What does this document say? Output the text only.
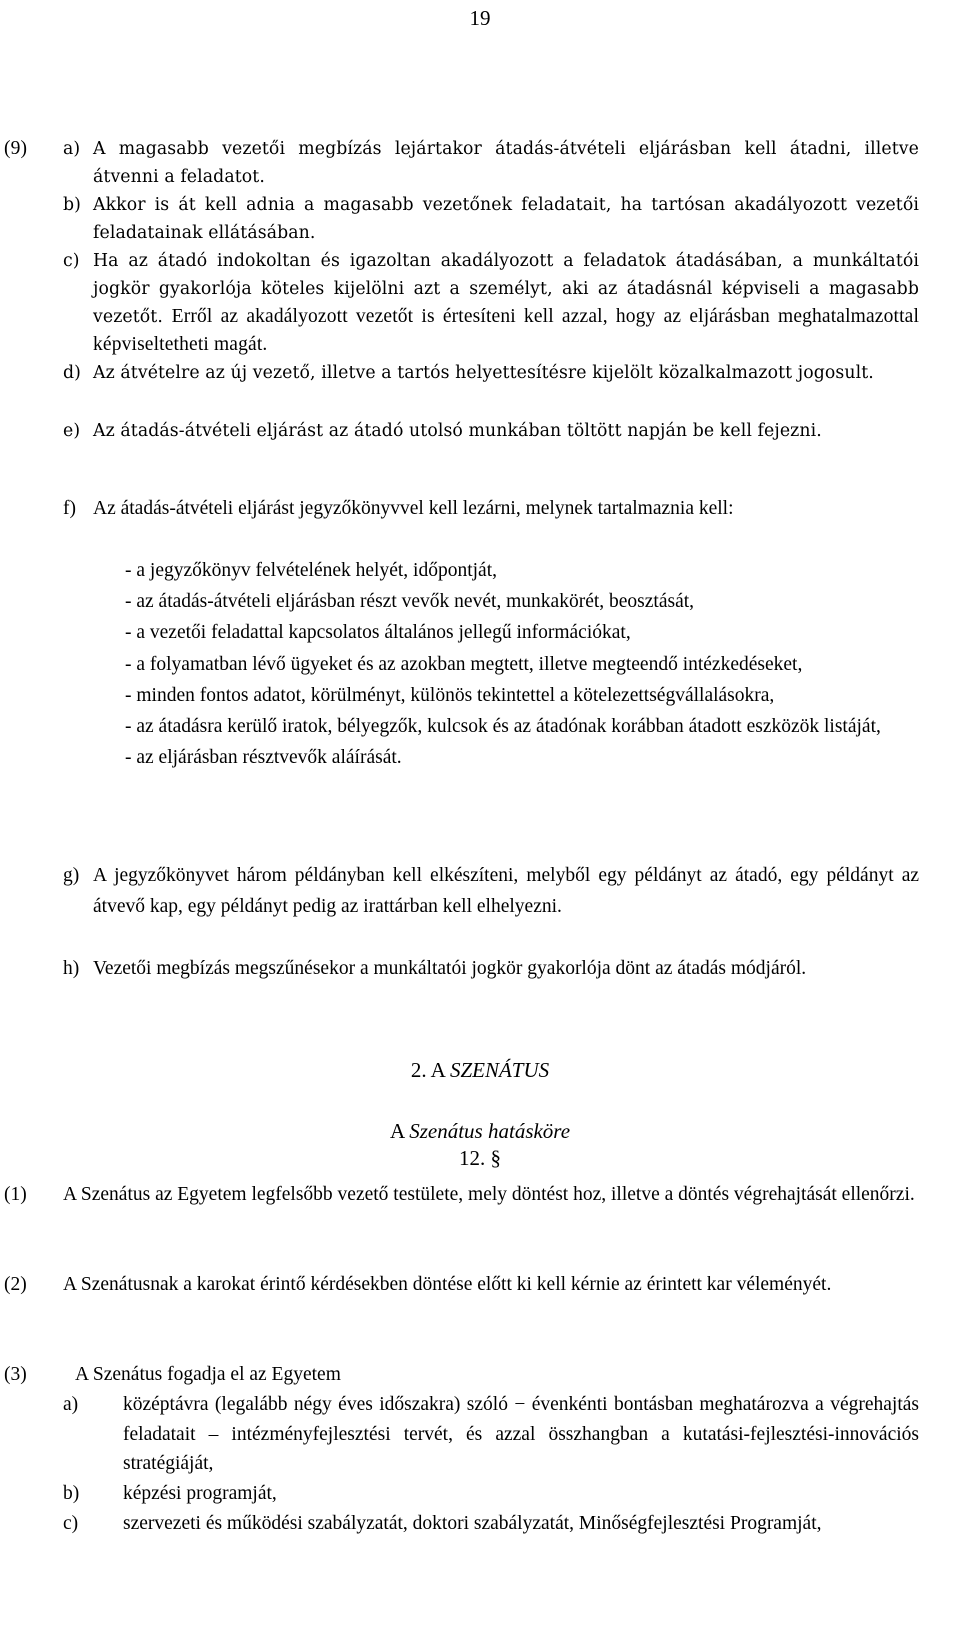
19
(9) a) A magasabb vezetői megbízás lejártakor átadás-átvételi eljárásban kell átadni, illetve átvenni a feladatot.
b) Akkor is át kell adnia a magasabb vezetőnek feladatait, ha tartósan akadályozott vezetői feladatainak ellátásában.
c) Ha az átadó indokoltan és igazoltan akadályozott a feladatok átadásában, a munkáltatói jogkör gyakorlója köteles kijelölni azt a személyt, aki az átadásnál képviseli a magasabb vezetőt. Erről az akadályozott vezetőt is értesíteni kell azzal, hogy az eljárásban meghatalmazottal képviseltetheti magát.
d) Az átvételre az új vezető, illetve a tartós helyettesítésre kijelölt közalkalmazott jogosult.
e) Az átadás-átvételi eljárást az átadó utolsó munkában töltött napján be kell fejezni.
f) Az átadás-átvételi eljárást jegyzőkönyvvel kell lezárni, melynek tartalmaznia kell:
- a jegyzőkönyv felvételének helyét, időpontját,
- az átadás-átvételi eljárásban részt vevők nevét, munkakörét, beosztását,
- a vezetői feladattal kapcsolatos általános jellegű információkat,
- a folyamatban lévő ügyeket és az azokban megtett, illetve megteendő intézkedéseket,
- minden fontos adatot, körülményt, különös tekintettel a kötelezettségvállalásokra,
- az átadásra kerülő iratok, bélyegzők, kulcsok és az átadónak korábban átadott eszközök listáját,
- az eljárásban résztvevők aláírását.
g) A jegyzőkönyvet három példányban kell elkészíteni, melyből egy példányt az átadó, egy példányt az átvevő kap, egy példányt pedig az irattárban kell elhelyezni.
h) Vezetői megbízás megszűnésekor a munkáltatói jogkör gyakorlója dönt az átadás módjáról.
2. A SZENÁTUS
A Szenátus hatásköre
12. §
(1) A Szenátus az Egyetem legfelsőbb vezető testülete, mely döntést hoz, illetve a döntés végrehajtását ellenőrzi.
(2) A Szenátusnak a karokat érintő kérdésekben döntése előtt ki kell kérnie az érintett kar véleményét.
(3) A Szenátus fogadja el az Egyetem
a) középtávra (legalább négy éves időszakra) szóló − évenkénti bontásban meghatározva a végrehajtás feladatait – intézményfejlesztési tervét, és azzal összhangban a kutatási-fejlesztési-innovációs stratégiáját,
b) képzési programját,
c) szervezeti és működési szabályzatát, doktori szabályzatát, Minőségfejlesztési Programját,
